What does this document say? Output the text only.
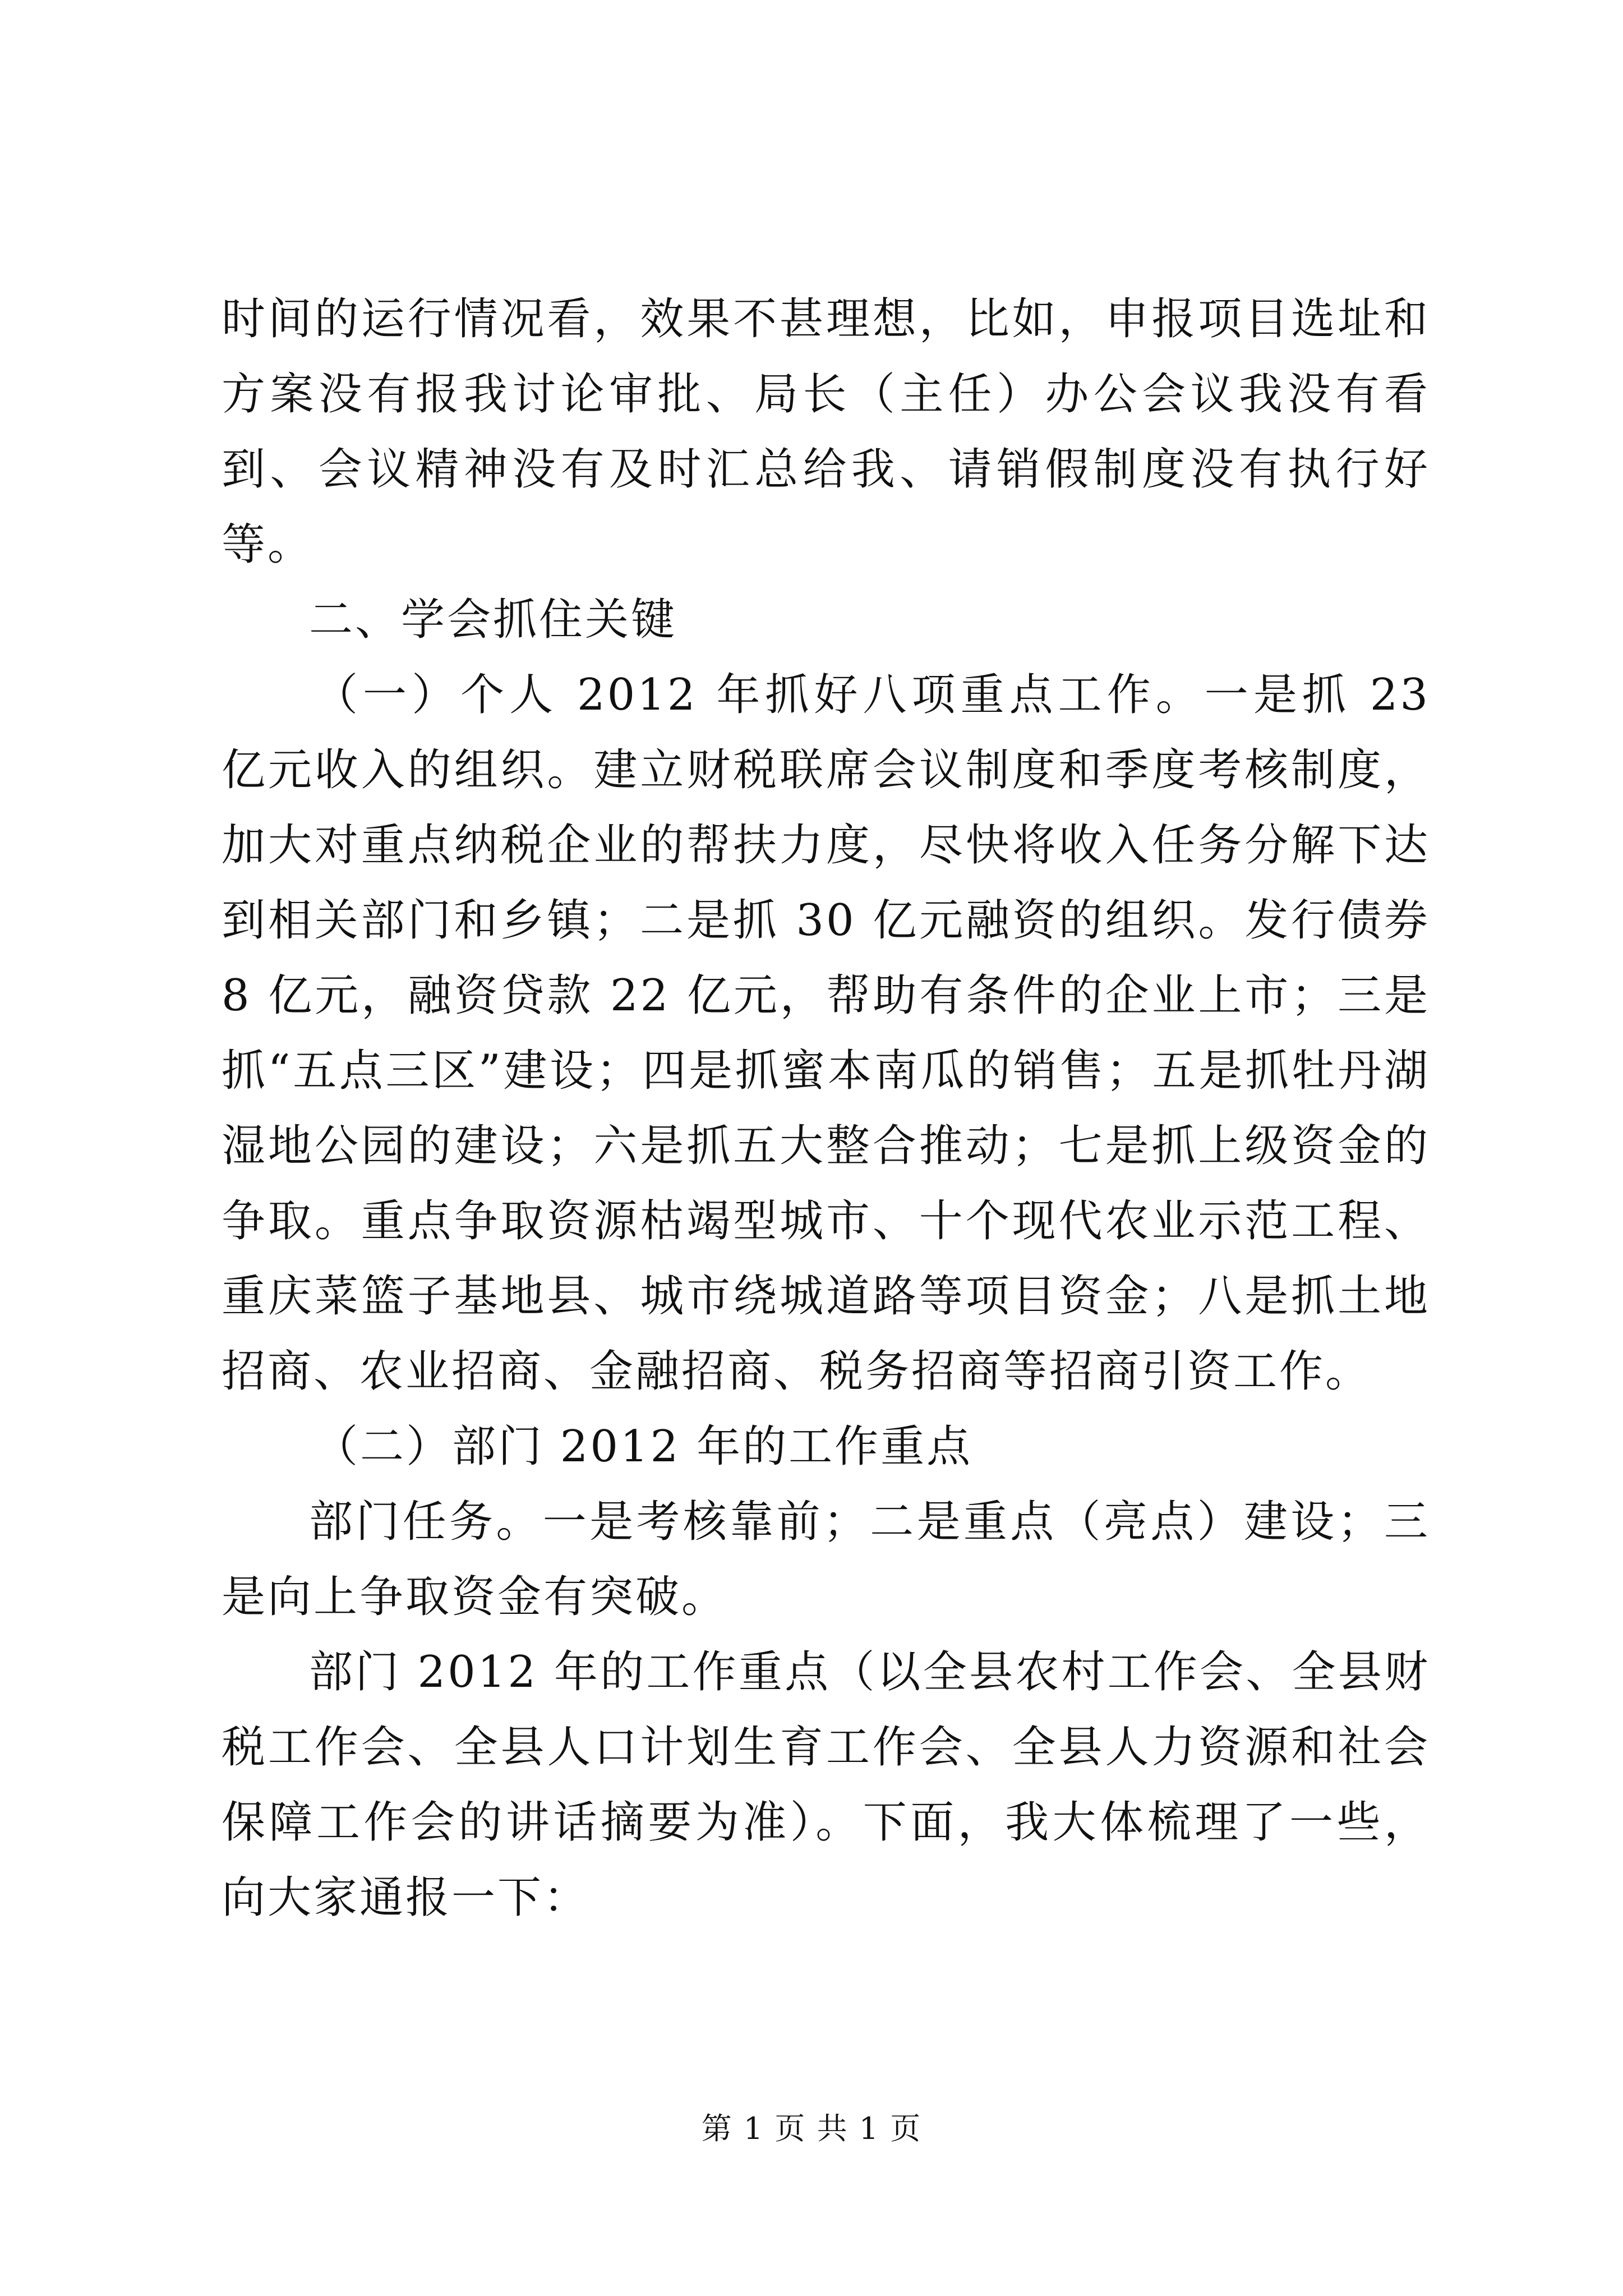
时间的运行情况看，效果不甚理想，比如，申报项目选址和方案没有报我讨论审批、局长（主任）办公会议我没有看到、会议精神没有及时汇总给我、请销假制度没有执行好等。

二、学会抓住关键

（一）个人 2012 年抓好八项重点工作。一是抓 23 亿元收入的组织。建立财税联席会议制度和季度考核制度，加大对重点纳税企业的帮扶力度，尽快将收入任务分解下达到相关部门和乡镇；二是抓 30 亿元融资的组织。发行债券 8 亿元，融资贷款 22 亿元，帮助有条件的企业上市；三是抓“五点三区”建设；四是抓蜜本南瓜的销售；五是抓牡丹湖湿地公园的建设；六是抓五大整合推动；七是抓上级资金的争取。重点争取资源枯竭型城市、十个现代农业示范工程、重庆菜篮子基地县、城市绕城道路等项目资金；八是抓土地招商、农业招商、金融招商、税务招商等招商引资工作。

（二）部门 2012 年的工作重点

部门任务。一是考核靠前；二是重点（亮点）建设；三是向上争取资金有突破。

部门 2012 年的工作重点（以全县农村工作会、全县财税工作会、全县人口计划生育工作会、全县人力资源和社会保障工作会的讲话摘要为准）。下面，我大体梳理了一些，向大家通报一下：

第 1 页 共 1 页
